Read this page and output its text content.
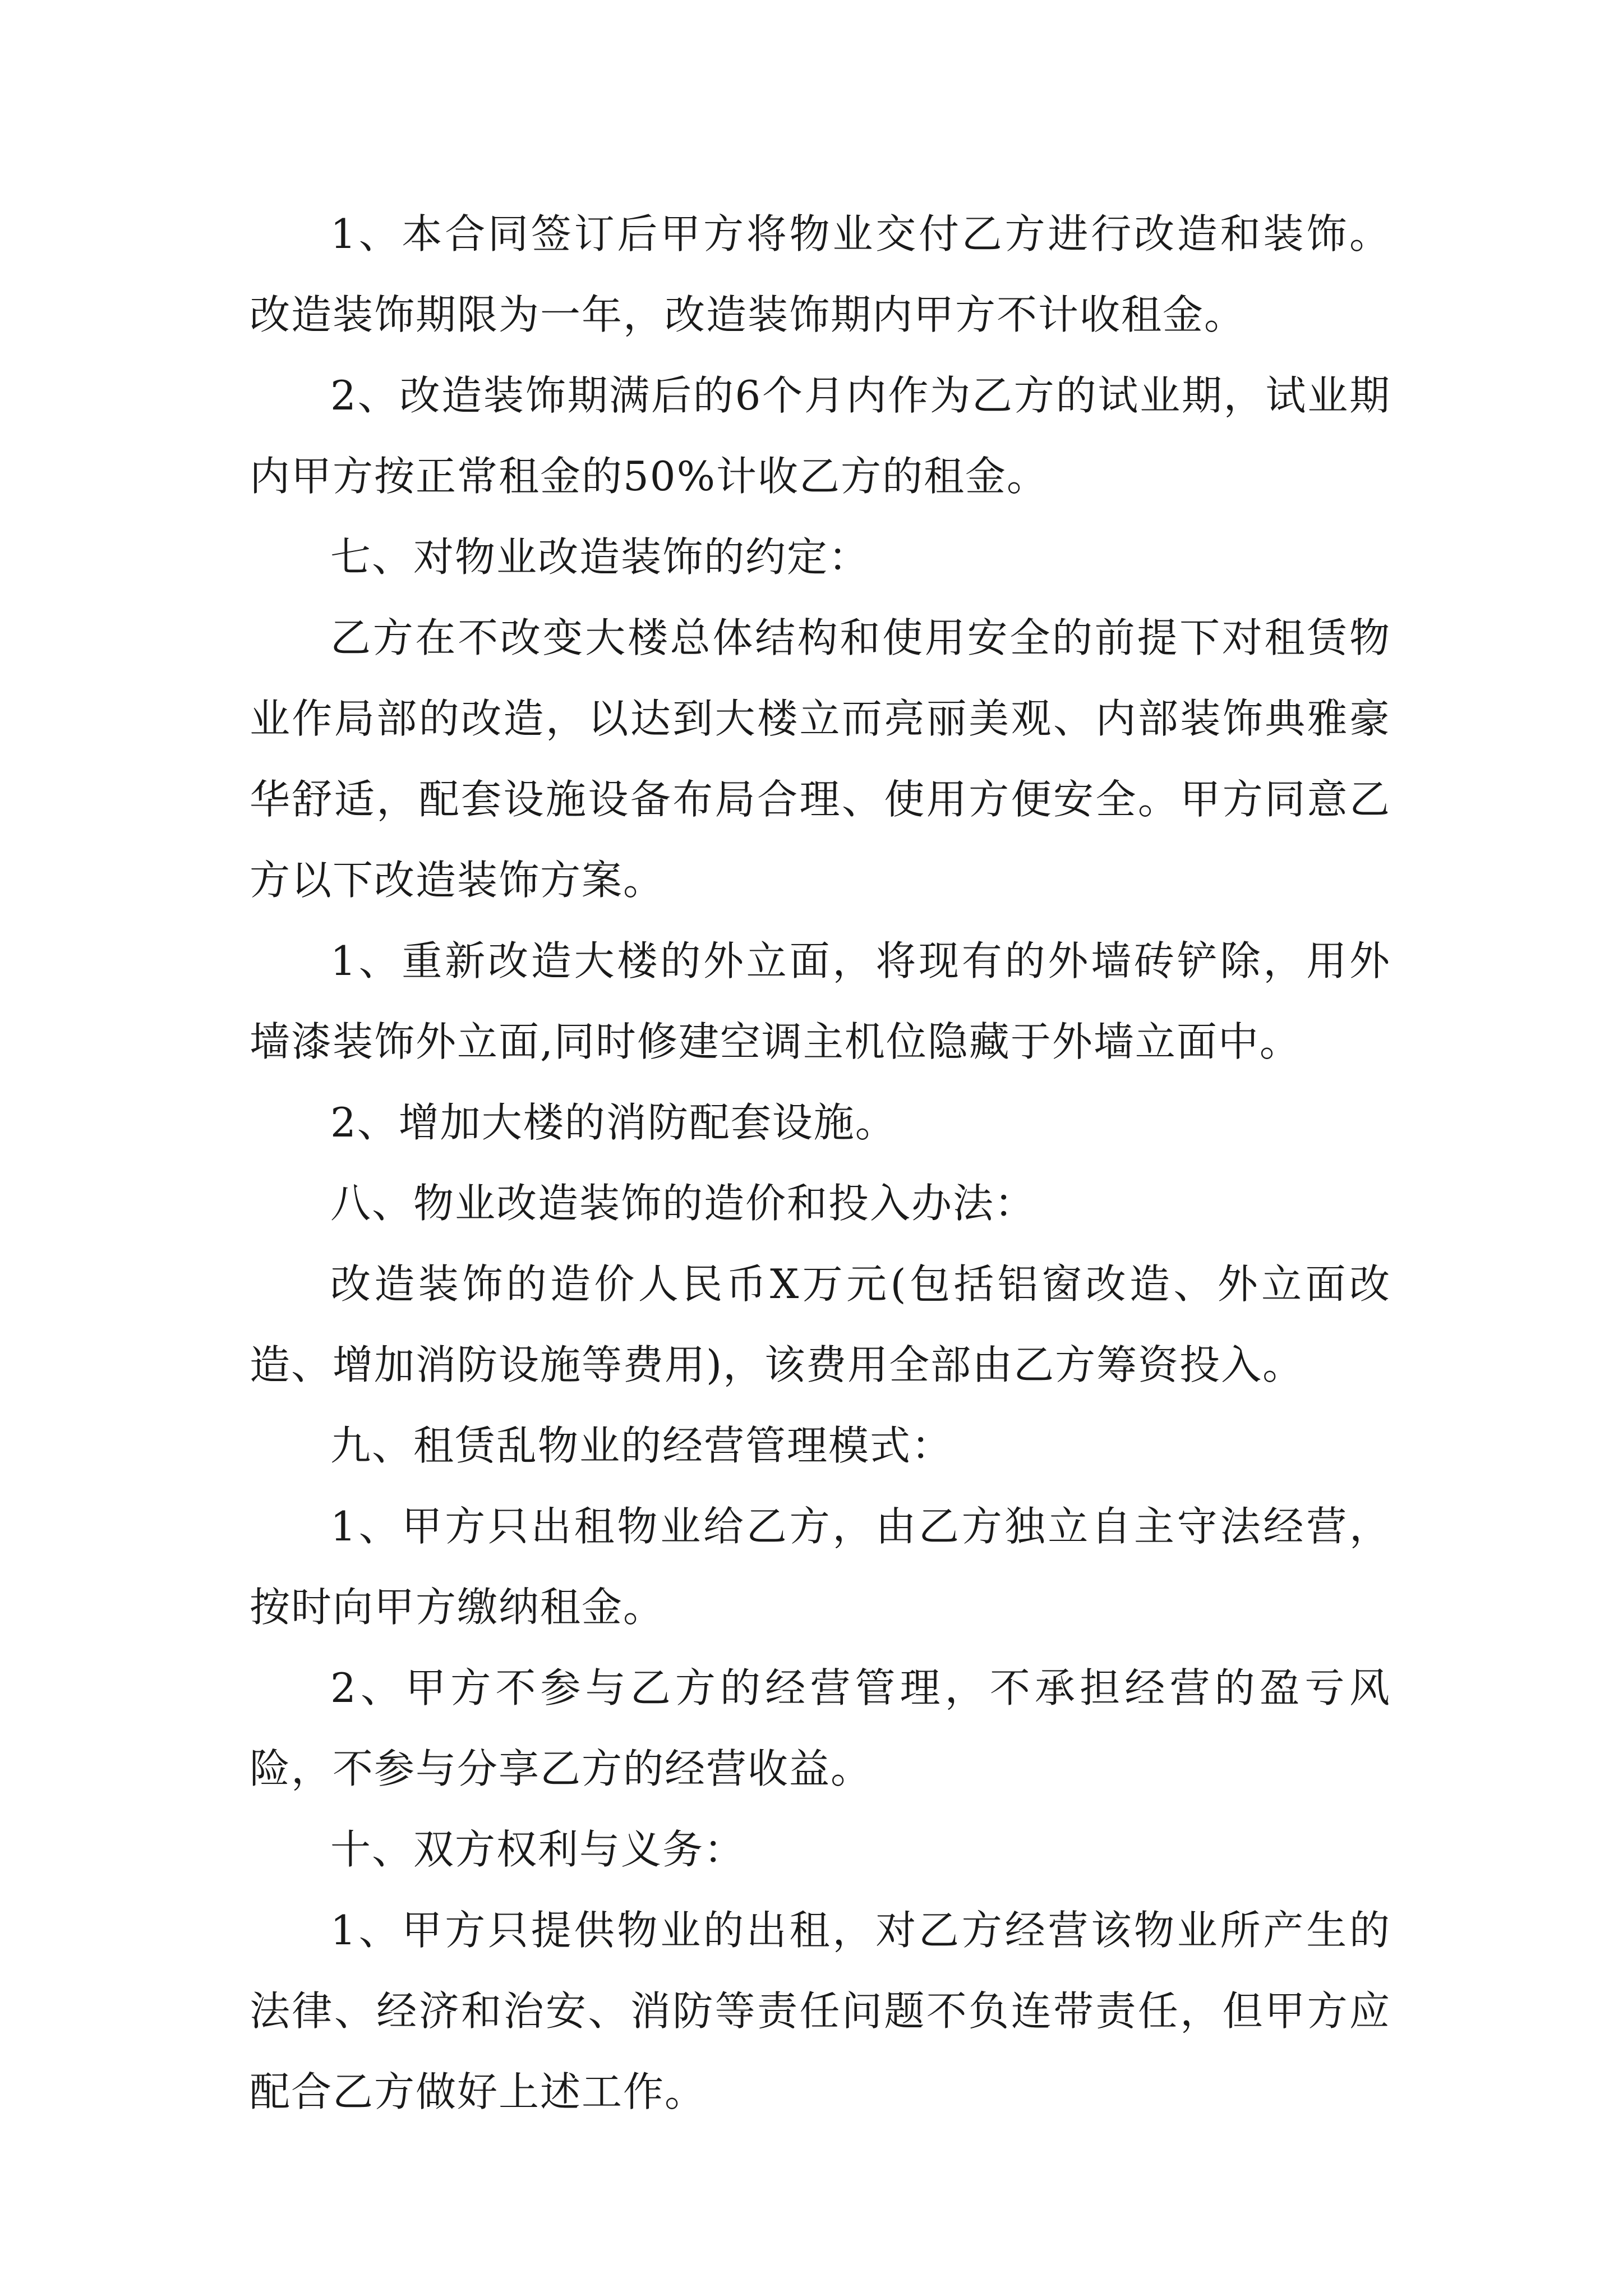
1、本合同签订后甲方将物业交付乙方进行改造和装饰。改造装饰期限为一年，改造装饰期内甲方不计收租金。

2、改造装饰期满后的6个月内作为乙方的试业期，试业期内甲方按正常租金的50%计收乙方的租金。

七、对物业改造装饰的约定：

乙方在不改变大楼总体结构和使用安全的前提下对租赁物业作局部的改造，以达到大楼立而亮丽美观、内部装饰典雅豪华舒适，配套设施设备布局合理、使用方便安全。甲方同意乙方以下改造装饰方案。

1、重新改造大楼的外立面，将现有的外墙砖铲除，用外墙漆装饰外立面,同时修建空调主机位隐藏于外墙立面中。

2、增加大楼的消防配套设施。

八、物业改造装饰的造价和投入办法：

改造装饰的造价人民币X万元(包括铝窗改造、外立面改造、增加消防设施等费用)，该费用全部由乙方筹资投入。

九、租赁乱物业的经营管理模式：

1、甲方只出租物业给乙方，由乙方独立自主守法经营，按时向甲方缴纳租金。

2、甲方不参与乙方的经营管理，不承担经营的盈亏风险，不参与分享乙方的经营收益。

十、双方权利与义务：

1、甲方只提供物业的出租，对乙方经营该物业所产生的法律、经济和治安、消防等责任问题不负连带责任，但甲方应配合乙方做好上述工作。
